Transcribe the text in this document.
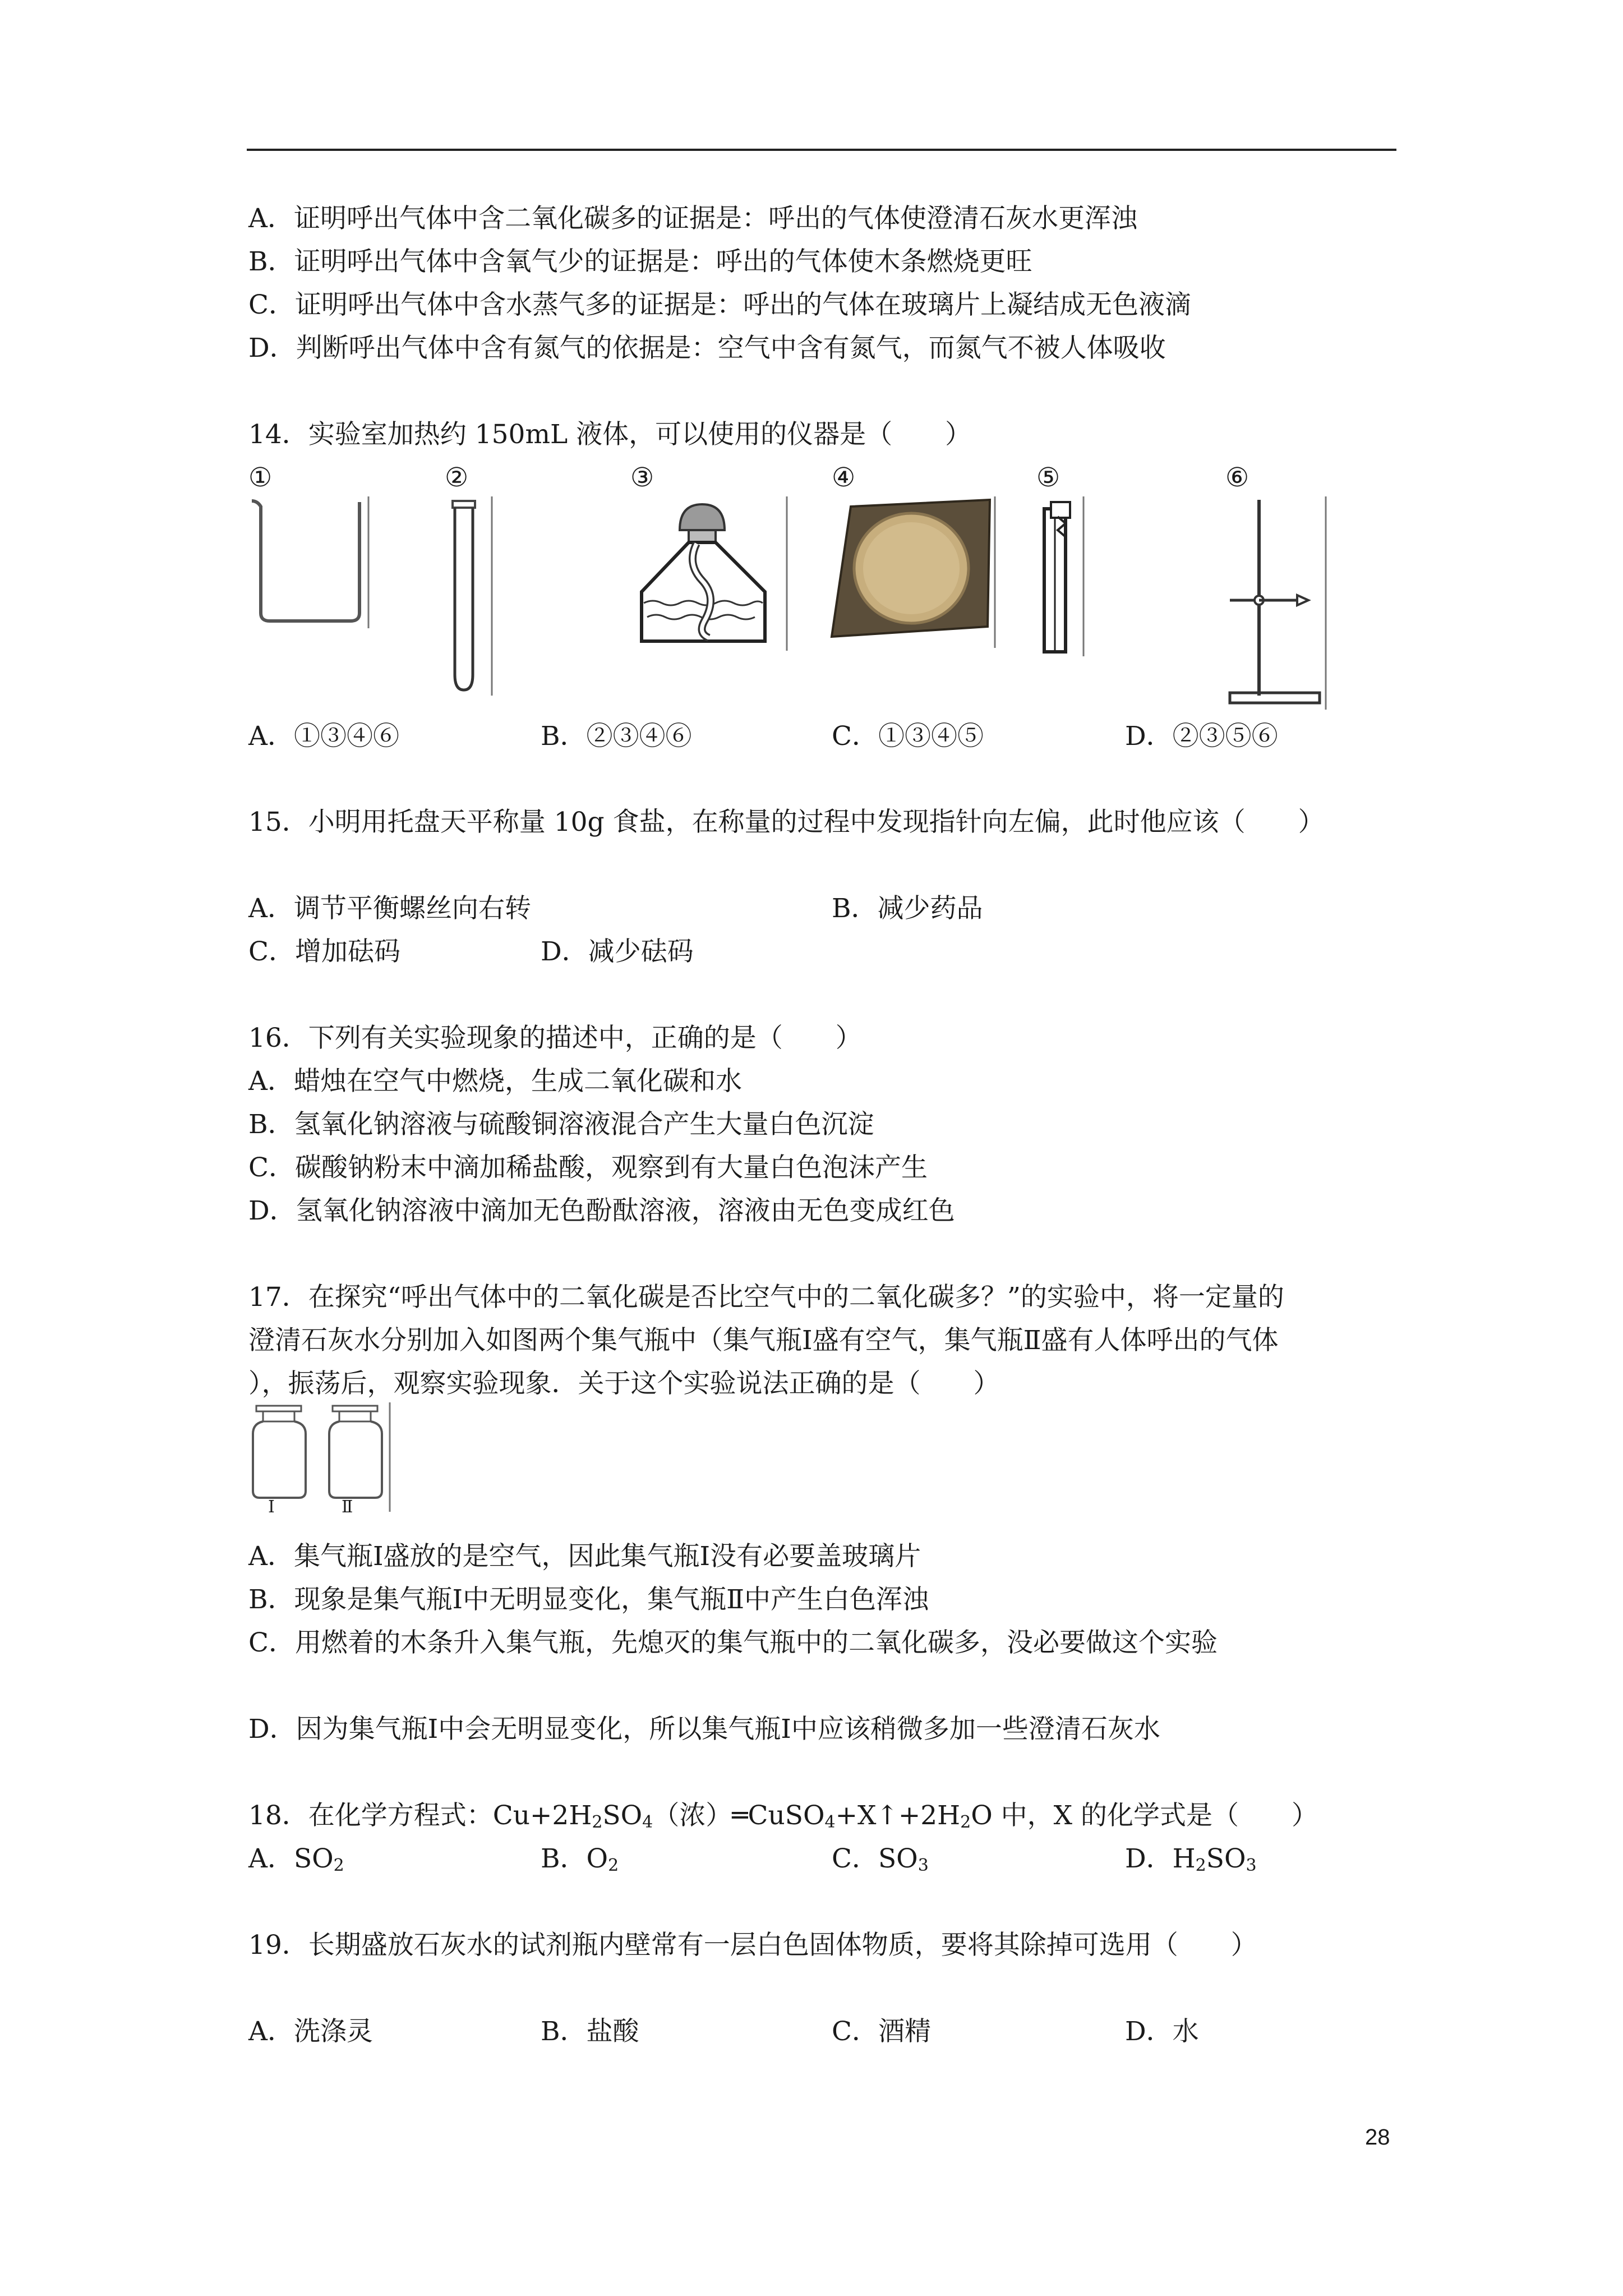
A．证明呼出气体中含二氧化碳多的证据是：呼出的气体使澄清石灰水更浑浊
B．证明呼出气体中含氧气少的证据是：呼出的气体使木条燃烧更旺
C．证明呼出气体中含水蒸气多的证据是：呼出的气体在玻璃片上凝结成无色液滴
D．判断呼出气体中含有氮气的依据是：空气中含有氮气，而氮气不被人体吸收
14．实验室加热约 150mL 液体，可以使用的仪器是（　　）
①	②	③	④	⑤	⑥
A．①③④⑥	B．②③④⑥	C．①③④⑤	D．②③⑤⑥
15．小明用托盘天平称量 10g 食盐，在称量的过程中发现指针向左偏，此时他应该（　　）
A．调节平衡螺丝向右转	B．减少药品
C．增加砝码	D．减少砝码
16．下列有关实验现象的描述中，正确的是（　　）
A．蜡烛在空气中燃烧，生成二氧化碳和水
B．氢氧化钠溶液与硫酸铜溶液混合产生大量白色沉淀
C．碳酸钠粉末中滴加稀盐酸，观察到有大量白色泡沫产生
D．氢氧化钠溶液中滴加无色酚酞溶液，溶液由无色变成红色
17．在探究“呼出气体中的二氧化碳是否比空气中的二氧化碳多？”的实验中，将一定量的
澄清石灰水分别加入如图两个集气瓶中（集气瓶Ⅰ盛有空气，集气瓶Ⅱ盛有人体呼出的气体
），振荡后，观察实验现象．关于这个实验说法正确的是（　　）
Ⅰ	Ⅱ
A．集气瓶Ⅰ盛放的是空气，因此集气瓶Ⅰ没有必要盖玻璃片
B．现象是集气瓶Ⅰ中无明显变化，集气瓶Ⅱ中产生白色浑浊
C．用燃着的木条升入集气瓶，先熄灭的集气瓶中的二氧化碳多，没必要做这个实验
D．因为集气瓶Ⅰ中会无明显变化，所以集气瓶Ⅰ中应该稍微多加一些澄清石灰水
18．在化学方程式：$Cu+2H_2SO_4$（浓）$═CuSO_4+X↑+2H_2O$ 中，X 的化学式是（　　）
A．$SO_2$	B．$O_2$	C．$SO_3$	D．$H_2SO_3$
19．长期盛放石灰水的试剂瓶内壁常有一层白色固体物质，要将其除掉可选用（　　）
A．洗涤灵	B．盐酸	C．酒精	D．水
28
